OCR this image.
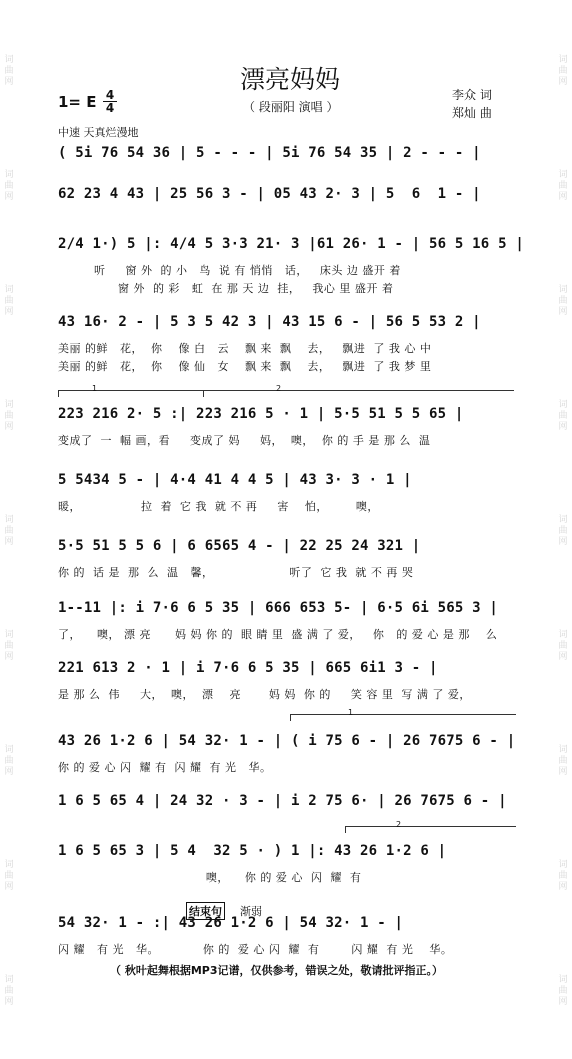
词
曲
网
词
曲
网
词
曲
网
词
曲
网
词
曲
网
词
曲
网
词
曲
网
词
曲
网
词
曲
网
词
曲
网
词
曲
网
词
曲
网
词
曲
网
词
曲
网
词
曲
网
词
曲
网
词
曲
网
词
曲
网
漂亮妈妈
1= E 4
4	（ 段丽阳 演唱 ）
李众 词
郑灿 曲
中速 天真烂漫地
( 5i 76 54 36 | 5 - - - | 5i 76 54 35 | 2 - - - |
62 23 4 43 | 25 56 3 - | 05 43 2· 3 | 5  6  1 - |
2/4 1·) 5 |: 4/4 5 3·3 21· 3 |61 26· 1 - | 56 5 16 5 |
听     窗 外  的 小   鸟  说 有 悄悄   话，   床头 边 盛开 着
窗 外  的 彩   虹  在 那 天 边  挂，   我心 里 盛开 着
43 16· 2 - | 5 3 5 42 3 | 43 15 6 - | 56 5 53 2 |
美丽 的鲜   花，  你    像 白   云    飘 来  飘    去，   飘进  了 我 心 中
美丽 的鲜   花，  你    像 仙   女    飘 来  飘    去，   飘进  了 我 梦 里
223 216 2· 5 :| 223 216 5 · 1 | 5·5 51 5 5 65 |
变成了  一  幅 画，看     变成了 妈     妈，  噢，  你 的 手 是 那 么  温
5 5434 5 - | 4·4 41 4 4 5 | 43 3· 3 · 1 |
暖，               拉  着  它 我  就 不 再     害    怕，       噢，
5·5 51 5 5 6 | 6 6565 4 - | 22 25 24 321 |
你 的  话 是  那  么  温   馨，                   听了  它 我  就 不 再 哭
1--11 |: i 7·6 6 5 35 | 666 653 5- | 6·5 6i 565 3 |
了，    噢， 漂 亮      妈 妈 你 的  眼 睛 里  盛 满 了 爱，   你   的 爱 心 是 那    么
221 613 2 · 1 | i 7·6 6 5 35 | 665 6i1 3 - |
是 那 么  伟     大，  噢，  漂    亮       妈 妈  你 的     笑 容 里  写 满 了 爱，
43 26 1·2 6 | 54 32· 1 - | ( i 75 6 - | 26 7675 6 - |
你 的 爱 心 闪  耀 有  闪 耀  有 光   华。
1 6 5 65 4 | 24 32 · 3 - | i 2 75 6· | 26 7675 6 - |
1 6 5 65 3 | 5 4  32 5 · ) 1 |: 43 26 1·2 6 |
噢，    你 的 爱 心  闪  耀  有
54 32· 1 - :| 43 26 1·2 6 | 54 32· 1 - |
闪 耀   有 光   华。           你 的  爱 心 闪  耀  有        闪 耀  有 光    华。
1	2
1
2
结束句 渐弱
（ 秋叶起舞根据MP3记谱，仅供参考，错误之处，敬请批评指正。）
